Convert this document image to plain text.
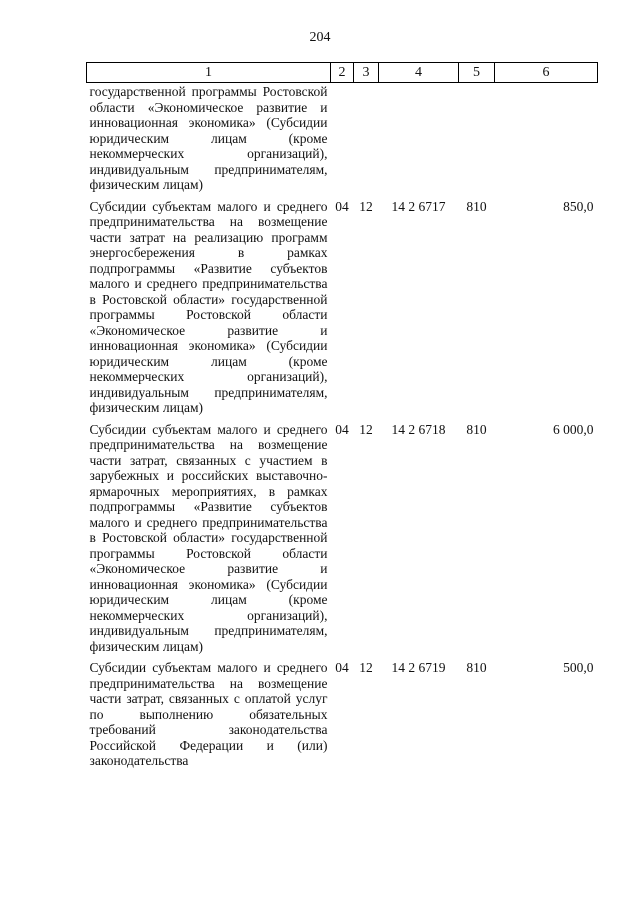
204
1	2	3	4	5	6
государственной программы Ростовской области «Экономическое развитие и инновационная экономика» (Субсидии юридическим лицам (кроме некоммерческих организаций), индивидуальным предпринимателям, физическим лицам)					
Субсидии субъектам малого и среднего предпринимательства на возмещение части затрат на реализацию программ энергосбережения в рамках подпрограммы «Развитие субъектов малого и среднего предпринимательства в Ростовской области» государственной программы Ростовской области «Экономическое развитие и инновационная экономика» (Субсидии юридическим лицам (кроме некоммерческих организаций), индивидуальным предпринимателям, физическим лицам)	04	12	14 2 6717	810	850,0
Субсидии субъектам малого и среднего предпринимательства на возмещение части затрат, связанных с участием в зарубежных и российских выставочно-ярмарочных мероприятиях, в рамках подпрограммы «Развитие субъектов малого и среднего предпринимательства в Ростовской области» государственной программы Ростовской области «Экономическое развитие и инновационная экономика» (Субсидии юридическим лицам (кроме некоммерческих организаций), индивидуальным предпринимателям, физическим лицам)	04	12	14 2 6718	810	6 000,0
Субсидии субъектам малого и среднего предпринимательства на возмещение части затрат, связанных с оплатой услуг по выполнению обязательных требований законодательства Российской Федерации и (или) законодательства	04	12	14 2 6719	810	500,0
